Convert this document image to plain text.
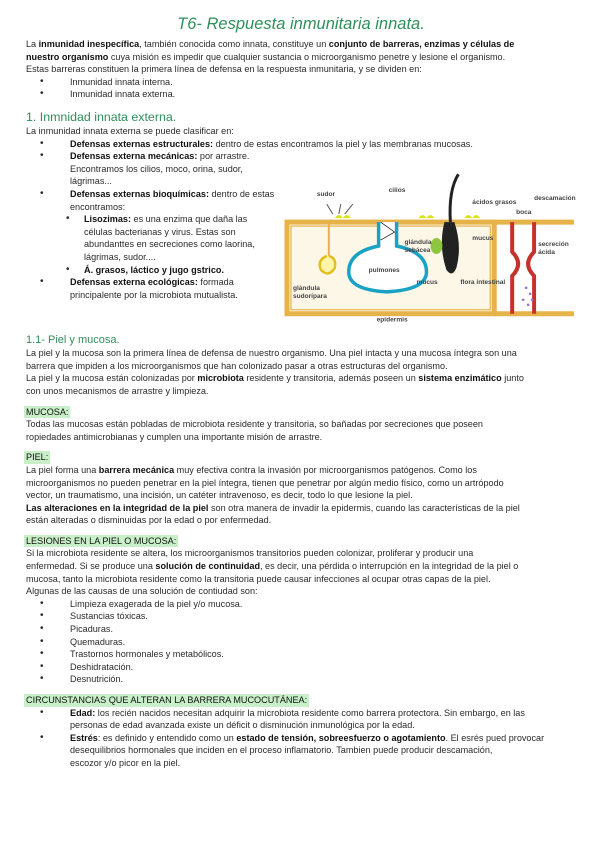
T6- Respuesta inmunitaria innata.

La inmunidad inespecífica, también conocida como innata, constituye un conjunto de barreras, enzimas y células de

nuestro organismo cuya misión es impedir que cualquier sustancia o microorganismo penetre y lesione el organismo.

Estas barreras constituen la primera línea de defensa en la respuesta inmunitaria, y se dividen en:

• Inmunidad innata interna.
• Inmunidad innata externa.
1. Inmnidad innata externa.

La inmunidad innata externa se puede clasificar en:

• Defensas externas estructurales: dentro de estas encontramos la piel y las membranas mucosas.
• Defensas externa mecánicas: por arrastre.
Encontramos los cilios, moco, orina, sudor,
lágrimas...
• Defensas externas bioquímicas: dentro de estas
encontramos:
• Lisozimas: es una enzima que daña las
células bacterianas y virus. Estas son
abundanttes en secreciones como laorina,
lágrimas, sudor....
• Á. grasos, láctico y jugo gstrico.
• Defensas externa ecológicas: formada
principalente por la microbiota mutualista.
sudor
cilios
ácidos grasos
descamación
boca
glándula
sebácea
mucus
secreción
ácida
pulmones
mucus	flora intestinal
glándula
sudorípara
epidermis
1.1- Piel y mucosa.

La piel y la mucosa son la primera línea de defensa de nuestro organismo. Una piel intacta y una mucosa íntegra son una

barrera que impiden a los microorganismos que han colonizado pasar a otras estructuras del organismo.

La piel y la mucosa están colonizadas por microbiota residente y transitoria, además poseen un sistema enzimático junto

con unos mecanismos de arrastre y limpieza.

MUCOSA:

Todas las mucosas están pobladas de microbiota residente y transitoria, so bañadas por secreciones que poseen

ropiedades antimicrobianas y cumplen una importante misión de arrastre.

PIEL:

La piel forma una barrera mecánica muy efectiva contra la invasión por microorganismos patógenos. Como los

microorganismos no pueden penetrar en la piel íntegra, tienen que penetrar por algún medio físico, como un artrópodo

vector, un traumatismo, una incisión, un catéter intravenoso, es decir, todo lo que lesione la piel.

Las alteraciones en la integridad de la piel son otra manera de invadir la epidermis, cuando las características de la piel

están alteradas o disminuidas por la edad o por enfermedad.

LESIONES EN LA PIEL O MUCOSA:

Si la microbiota residente se altera, los microorganismos transitorios pueden colonizar, proliferar y producir una

enfermedad. Si se produce una solución de continuidad, es decir, una pérdida o interrupción en la integridad de la piel o

mucosa, tanto la microbiota residente como la transitoria puede causar infecciones al ocupar otras capas de la piel.

Algunas de las causas de una solución de contiudad son:

• Limpieza exagerada de la piel y/o mucosa.
• Sustancias tóxicas.
• Picaduras.
• Quemaduras.
• Trastornos hormonales y metabólicos.
• Deshidratación.
• Desnutrición.

CIRCUNSTANCIAS QUE ALTERAN LA BARRERA MUCOCUTÁNEA:

• Edad: los recién nacidos necesitan adquirir la microbiota residente como barrera protectora. Sin embargo, en las
personas de edad avanzada existe un déficit o disminución inmunológica por la edad.
• Estrés: es definido y entendido como un estado de tensión, sobreesfuerzo o agotamiento. El esrés pued provocar
desequilibrios hormonales que inciden en el proceso inflamatorio. Tambien puede producir descamación,
escozor y/o picor en la piel.
